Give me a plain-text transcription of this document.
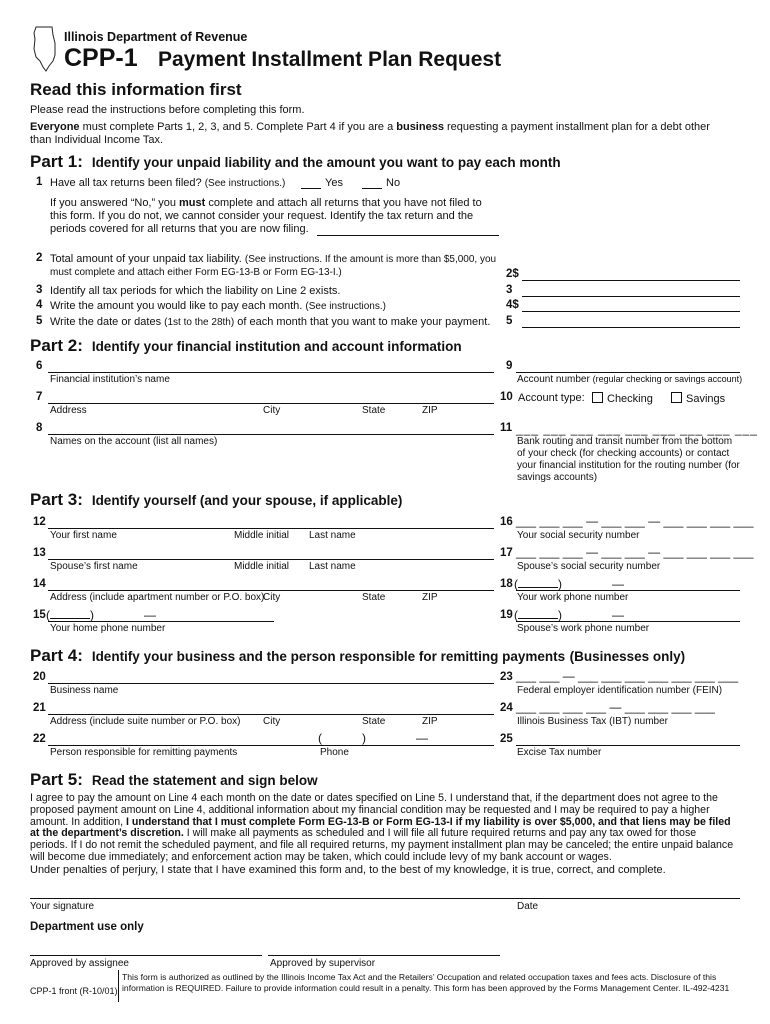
Illinois Department of Revenue
CPP-1 Payment Installment Plan Request
Read this information first
Please read the instructions before completing this form.
Everyone must complete Parts 1, 2, 3, and 5. Complete Part 4 if you are a business requesting a payment installment plan for a debt other
than Individual Income Tax.
Part 1: Identify your unpaid liability and the amount you want to pay each month
1 Have all tax returns been filed? (See instructions.)	Yes	No
If you answered “No,” you must complete and attach all returns that you have not filed to
this form. If you do not, we cannot consider your request. Identify the tax return and the
periods covered for all returns that you are now filing.
2 Total amount of your unpaid tax liability. (See instructions. If the amount is more than $5,000, you
must complete and attach either Form EG-13-B or Form EG-13-I.)	2$
3 Identify all tax periods for which the liability on Line 2 exists.	3
4 Write the amount you would like to pay each month. (See instructions.)	4$
5 Write the date or dates (1st to the 28th) of each month that you want to make your payment. 5
Part 2: Identify your financial institution and account information
6
Financial institution’s name
9
Account number (regular checking or savings account)
7
Address	City	State	ZIP
10 Account type:	Checking	Savings
8
Names on the account (list all names)
11 ___ ___ ___ ___ ___ ___ ___ ___ ___
Bank routing and transit number from the bottom
of your check (for checking accounts) or contact
your financial institution for the routing number (for
savings accounts)
Part 3: Identify yourself (and your spouse, if applicable)
12
Your first name	Middle initial Last name
16 ___ ___ ___ — ___ ___ — ___ ___ ___ ___
Your social security number
13
Spouse’s first name	Middle initial Last name
17 ___ ___ ___ — ___ ___ — ___ ___ ___ ___
Spouse’s social security number
14
Address (include apartment number or P.O. box)
City	State	ZIP
18 (	)	—
Your work phone number
15 (	)	—
Your home phone number
19 (	)	—
Spouse’s work phone number
Part 4: Identify your business and the person responsible for remitting payments (Businesses only)
20
Business name
23 ___ ___ — ___ ___ ___ ___ ___ ___ ___
Federal employer identification number (FEIN)
21
Address (include suite number or P.O. box) City	State	ZIP
24 ___ ___ ___ ___ — ___ ___ ___ ___
Illinois Business Tax (IBT) number
22	(	)	—
Person responsible for remitting payments	Phone
25
Excise Tax number
Part 5: Read the statement and sign below
I agree to pay the amount on Line 4 each month on the date or dates specified on Line 5. I understand that, if the department does not agree to the
proposed payment amount on Line 4, additional information about my financial condition may be requested and I may be required to pay a higher
amount. In addition, I understand that I must complete Form EG-13-B or Form EG-13-I if my liability is over $5,000, and that liens may be filed
at the department’s discretion. I will make all payments as scheduled and I will file all future required returns and pay any tax owed for those
periods. If I do not remit the scheduled payment, and file all required returns, my payment installment plan may be canceled; the entire unpaid balance
will become due immediately; and enforcement action may be taken, which could include levy of my bank account or wages.
Under penalties of perjury, I state that I have examined this form and, to the best of my knowledge, it is true, correct, and complete.
Your signature	Date
Department use only
Approved by assignee	Approved by supervisor
CPP-1 front (R-10/01)
This form is authorized as outlined by the Illinois Income Tax Act and the Retailers’ Occupation and related occupation taxes and fees acts. Disclosure of this
information is REQUIRED. Failure to provide information could result in a penalty. This form has been approved by the Forms Management Center. IL-492-4231
